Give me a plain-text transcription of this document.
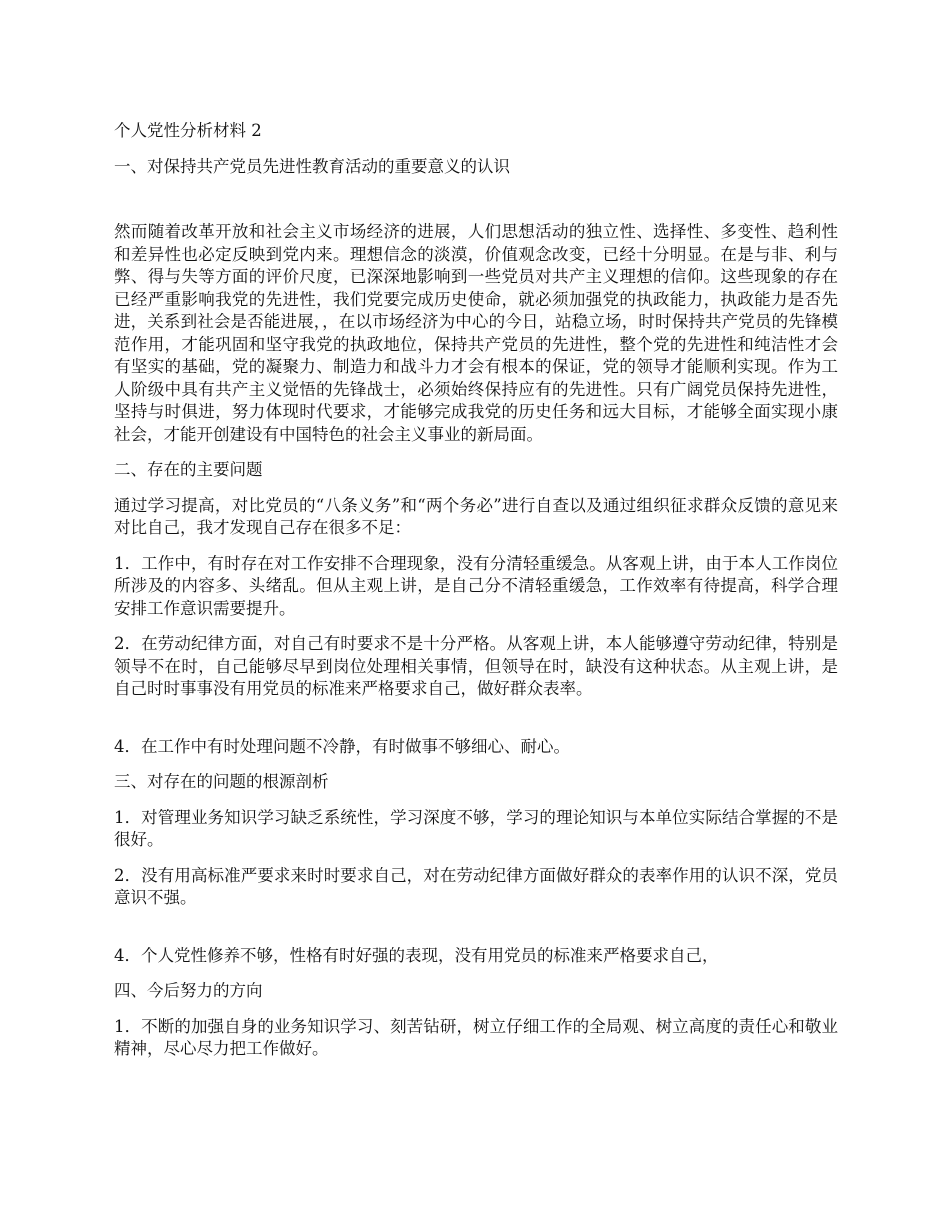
个人党性分析材料 2

一、对保持共产党员先进性教育活动的重要意义的认识

然而随着改革开放和社会主义市场经济的进展，人们思想活动的独立性、选择性、多变性、趋利性和差异性也必定反映到党内来。理想信念的淡漠，价值观念改变，已经十分明显。在是与非、利与弊、得与失等方面的评价尺度，已深深地影响到一些党员对共产主义理想的信仰。这些现象的存在已经严重影响我党的先进性，我们党要完成历史使命，就必须加强党的执政能力，执政能力是否先进，关系到社会是否能进展，，在以市场经济为中心的今日，站稳立场，时时保持共产党员的先锋模范作用，才能巩固和坚守我党的执政地位，保持共产党员的先进性，整个党的先进性和纯洁性才会有坚实的基础，党的凝聚力、制造力和战斗力才会有根本的保证，党的领导才能顺利实现。作为工人阶级中具有共产主义觉悟的先锋战士，必须始终保持应有的先进性。只有广阔党员保持先进性，坚持与时俱进，努力体现时代要求，才能够完成我党的历史任务和远大目标，才能够全面实现小康社会，才能开创建设有中国特色的社会主义事业的新局面。

二、存在的主要问题

通过学习提高，对比党员的“八条义务”和“两个务必”进行自查以及通过组织征求群众反馈的意见来对比自己，我才发现自己存在很多不足：

1．工作中，有时存在对工作安排不合理现象，没有分清轻重缓急。从客观上讲，由于本人工作岗位所涉及的内容多、头绪乱。但从主观上讲，是自己分不清轻重缓急，工作效率有待提高，科学合理安排工作意识需要提升。

2．在劳动纪律方面，对自己有时要求不是十分严格。从客观上讲，本人能够遵守劳动纪律，特别是领导不在时，自己能够尽早到岗位处理相关事情，但领导在时，缺没有这种状态。从主观上讲，是自己时时事事没有用党员的标准来严格要求自己，做好群众表率。

4．在工作中有时处理问题不冷静，有时做事不够细心、耐心。

三、对存在的问题的根源剖析

1．对管理业务知识学习缺乏系统性，学习深度不够，学习的理论知识与本单位实际结合掌握的不是很好。

2．没有用高标准严要求来时时要求自己，对在劳动纪律方面做好群众的表率作用的认识不深，党员意识不强。

4．个人党性修养不够，性格有时好强的表现，没有用党员的标准来严格要求自己，

四、今后努力的方向

1．不断的加强自身的业务知识学习、刻苦钻研，树立仔细工作的全局观、树立高度的责任心和敬业精神，尽心尽力把工作做好。
